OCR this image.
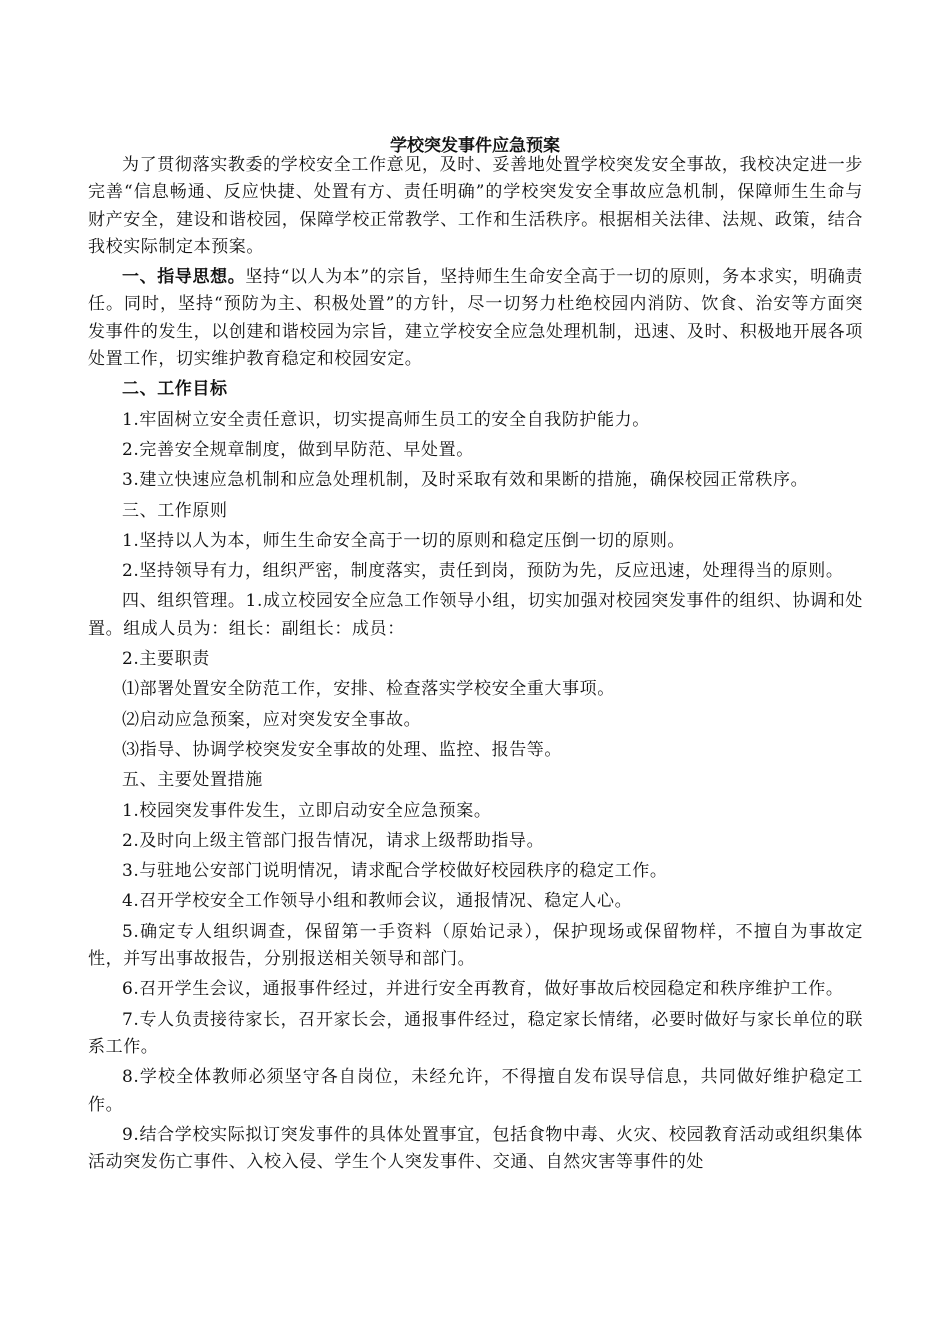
学校突发事件应急预案

为了贯彻落实教委的学校安全工作意见，及时、妥善地处置学校突发安全事故，我校决定进一步完善“信息畅通、反应快捷、处置有方、责任明确”的学校突发安全事故应急机制，保障师生生命与财产安全，建设和谐校园，保障学校正常教学、工作和生活秩序。根据相关法律、法规、政策，结合我校实际制定本预案。

一、指导思想。坚持“以人为本”的宗旨，坚持师生生命安全高于一切的原则，务本求实，明确责任。同时，坚持“预防为主、积极处置”的方针，尽一切努力杜绝校园内消防、饮食、治安等方面突发事件的发生，以创建和谐校园为宗旨，建立学校安全应急处理机制，迅速、及时、积极地开展各项处置工作，切实维护教育稳定和校园安定。

二、工作目标

1.牢固树立安全责任意识，切实提高师生员工的安全自我防护能力。

2.完善安全规章制度，做到早防范、早处置。

3.建立快速应急机制和应急处理机制，及时采取有效和果断的措施，确保校园正常秩序。

三、工作原则

1.坚持以人为本，师生生命安全高于一切的原则和稳定压倒一切的原则。

2.坚持领导有力，组织严密，制度落实，责任到岗，预防为先，反应迅速，处理得当的原则。

四、组织管理。1.成立校园安全应急工作领导小组，切实加强对校园突发事件的组织、协调和处置。组成人员为：组长：副组长：成员：

2.主要职责

⑴部署处置安全防范工作，安排、检查落实学校安全重大事项。

⑵启动应急预案，应对突发安全事故。

⑶指导、协调学校突发安全事故的处理、监控、报告等。

五、主要处置措施

1.校园突发事件发生，立即启动安全应急预案。

2.及时向上级主管部门报告情况，请求上级帮助指导。

3.与驻地公安部门说明情况，请求配合学校做好校园秩序的稳定工作。

4.召开学校安全工作领导小组和教师会议，通报情况、稳定人心。

5.确定专人组织调查，保留第一手资料（原始记录），保护现场或保留物样，不擅自为事故定性，并写出事故报告，分别报送相关领导和部门。

6.召开学生会议，通报事件经过，并进行安全再教育，做好事故后校园稳定和秩序维护工作。

7.专人负责接待家长，召开家长会，通报事件经过，稳定家长情绪，必要时做好与家长单位的联系工作。

8.学校全体教师必须坚守各自岗位，未经允许，不得擅自发布误导信息，共同做好维护稳定工作。

9.结合学校实际拟订突发事件的具体处置事宜，包括食物中毒、火灾、校园教育活动或组织集体活动突发伤亡事件、入校入侵、学生个人突发事件、交通、自然灾害等事件的处
